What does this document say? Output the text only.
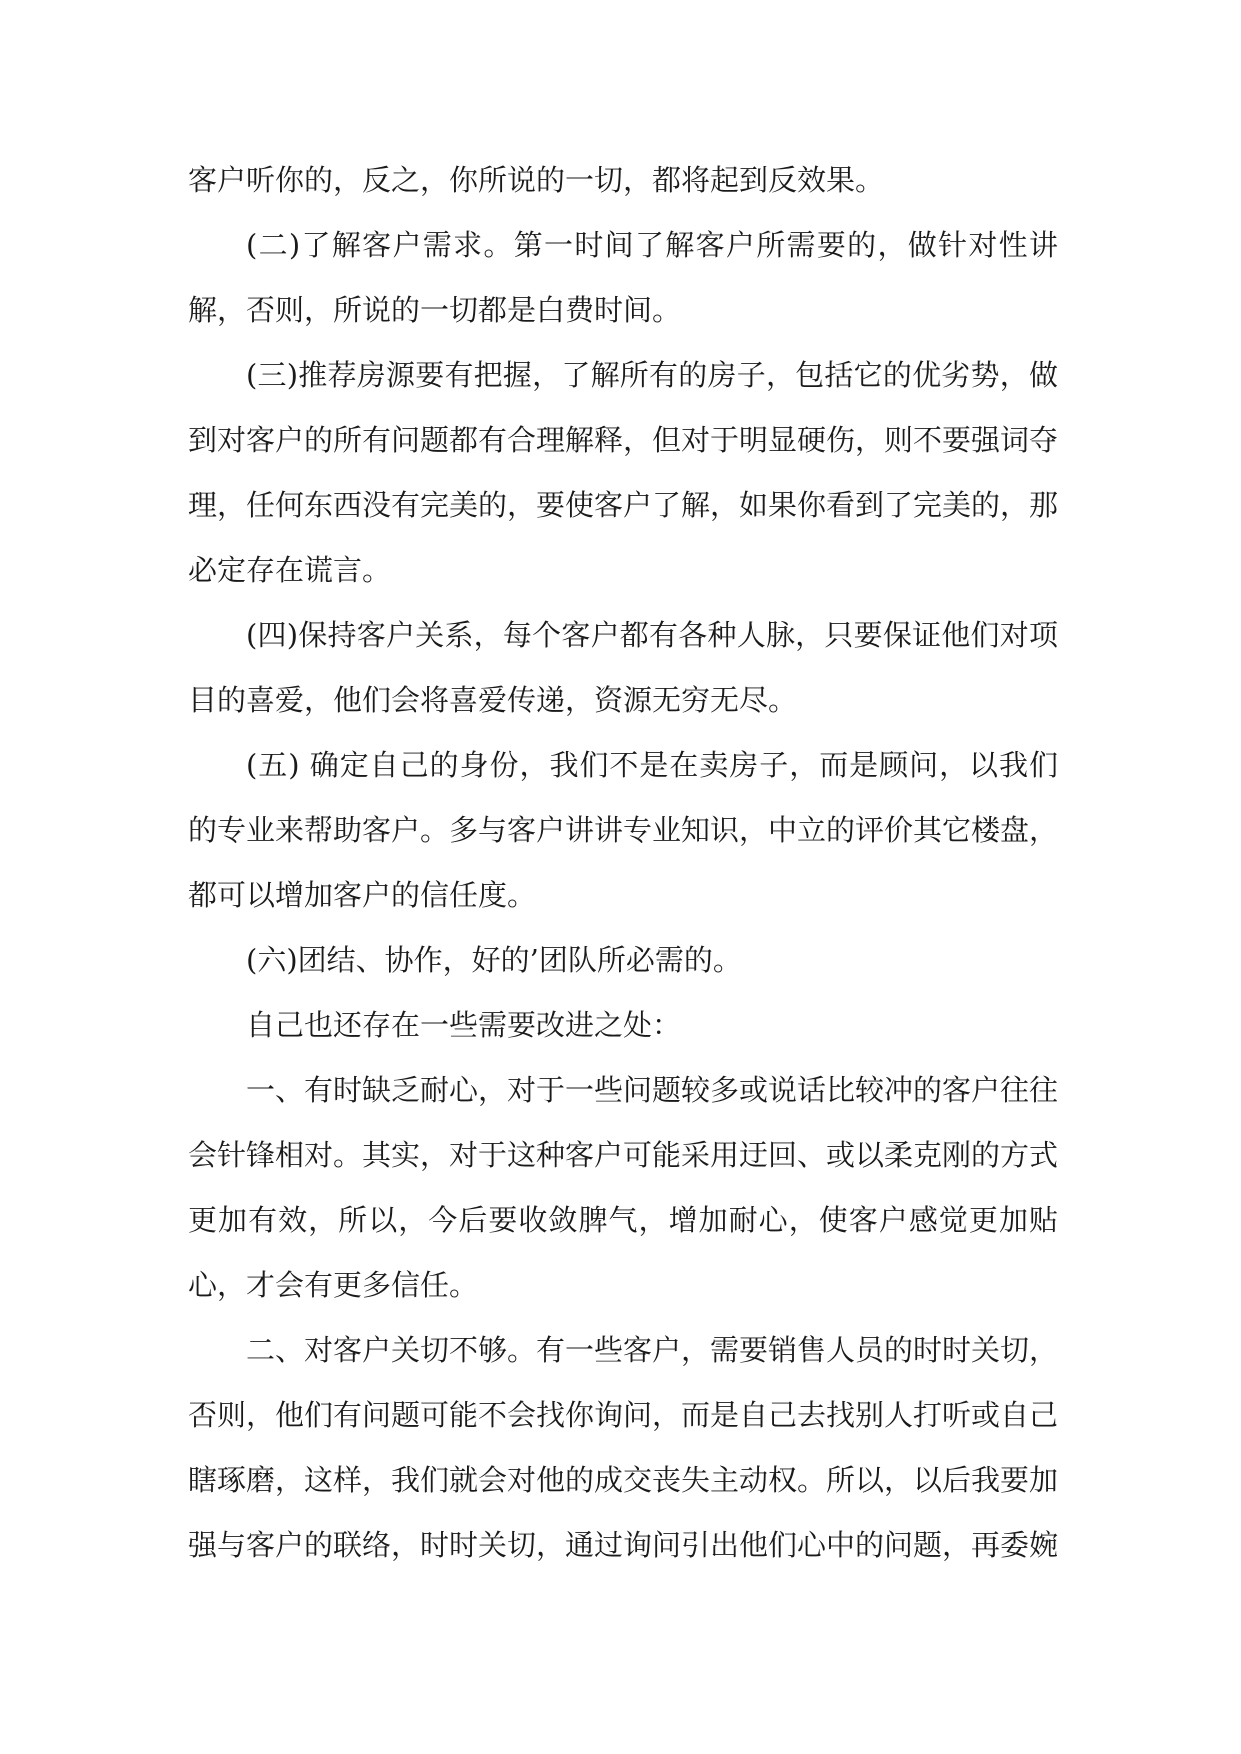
客户听你的，反之，你所说的一切，都将起到反效果。

(二)了解客户需求。第一时间了解客户所需要的，做针对性讲解，否则，所说的一切都是白费时间。

(三)推荐房源要有把握，了解所有的房子，包括它的优劣势，做到对客户的所有问题都有合理解释，但对于明显硬伤，则不要强词夺理，任何东西没有完美的，要使客户了解，如果你看到了完美的，那必定存在谎言。

(四)保持客户关系，每个客户都有各种人脉，只要保证他们对项目的喜爱，他们会将喜爱传递，资源无穷无尽。

(五) 确定自己的身份，我们不是在卖房子，而是顾问，以我们的专业来帮助客户。多与客户讲讲专业知识，中立的评价其它楼盘，都可以增加客户的信任度。

(六)团结、协作，好的’团队所必需的。

自己也还存在一些需要改进之处：

一、有时缺乏耐心，对于一些问题较多或说话比较冲的客户往往会针锋相对。其实，对于这种客户可能采用迂回、或以柔克刚的方式更加有效，所以，今后要收敛脾气，增加耐心，使客户感觉更加贴心，才会有更多信任。

二、对客户关切不够。有一些客户，需要销售人员的时时关切，否则，他们有问题可能不会找你询问，而是自己去找别人打听或自己瞎琢磨，这样，我们就会对他的成交丧失主动权。所以，以后我要加强与客户的联络，时时关切，通过询问引出他们心中的问题，再委婉
